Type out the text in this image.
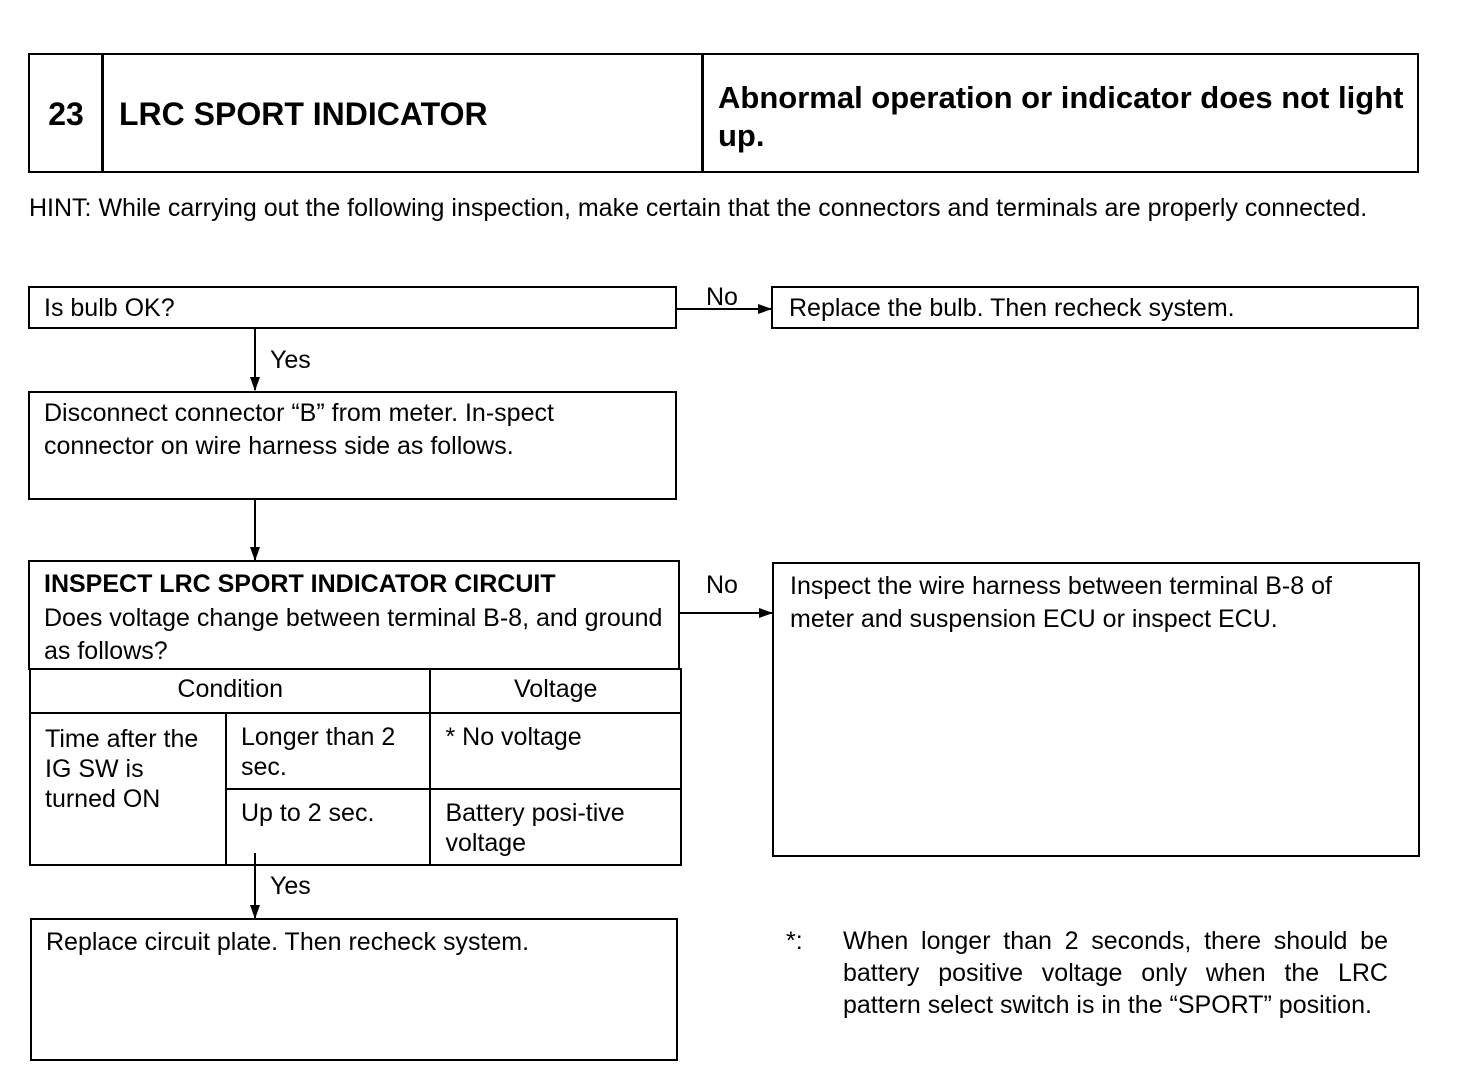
23	LRC SPORT INDICATOR	Abnormal operation or indicator does not light up.
HINT: While carrying out the following inspection, make certain that the connectors and terminals are properly connected.
Is bulb OK?	No Replace the bulb. Then recheck system.
Yes
Disconnect connector “B” from meter. In-spect connector on wire harness side as follows.
INSPECT LRC SPORT INDICATOR CIRCUIT
Does voltage change between terminal B-8, and ground as follows?
Condition		Voltage
Time after the IG SW is turned ON	Longer than 2 sec.	* No voltage
	Up to 2 sec.	Battery posi-tive voltage
No Inspect the wire harness between terminal B-8 of meter and suspension ECU or inspect ECU.
Yes
Replace circuit plate. Then recheck system.	*: When longer than 2 seconds, there should be battery positive voltage only when the LRC pattern select switch is in the “SPORT” position.
